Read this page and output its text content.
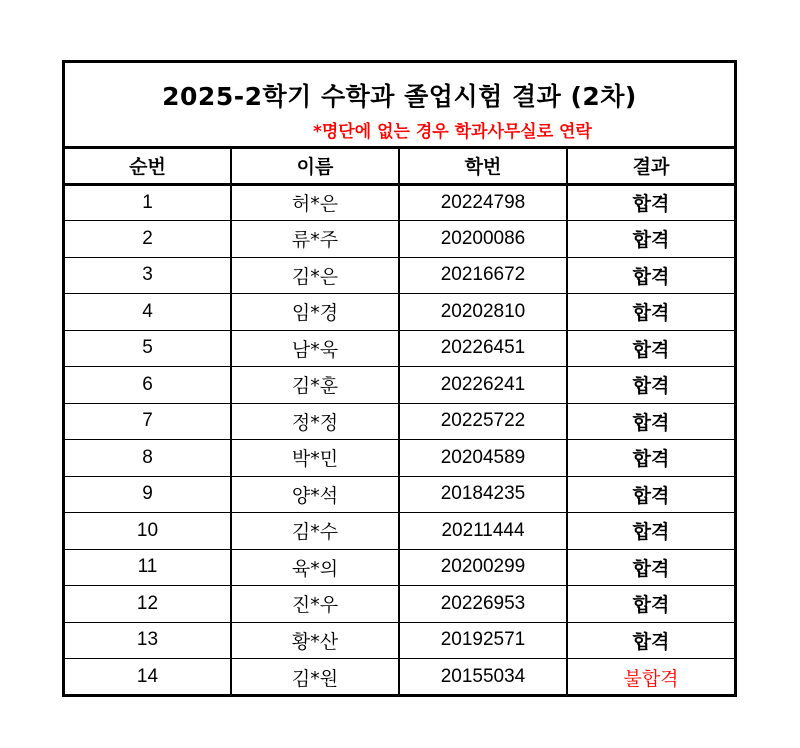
2025-2학기 수학과 졸업시험 결과 (2차)
*명단에 없는 경우 학과사무실로 연락
순번	이름	학번	결과
1	허*은	20224798	합격
2	류*주	20200086	합격
3	김*은	20216672	합격
4	임*경	20202810	합격
5	남*욱	20226451	합격
6	김*훈	20226241	합격
7	정*정	20225722	합격
8	박*민	20204589	합격
9	양*석	20184235	합격
10	김*수	20211444	합격
11	육*의	20200299	합격
12	진*우	20226953	합격
13	황*산	20192571	합격
14	김*원	20155034	불합격
